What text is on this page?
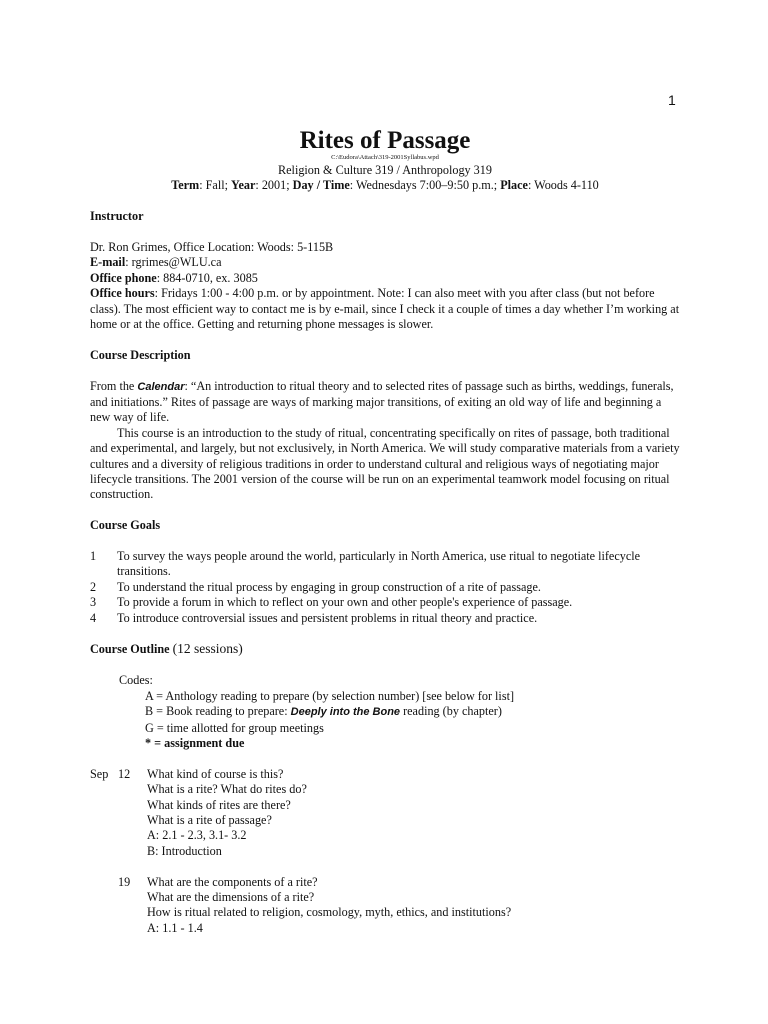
1
Rites of Passage
C:\Eudora\Attach\319-2001Syllabus.wpd
Religion & Culture 319 / Anthropology 319
Term: Fall; Year: 2001; Day / Time: Wednesdays 7:00–9:50 p.m.; Place: Woods 4-110
Instructor
Dr. Ron Grimes, Office Location: Woods: 5-115B
E-mail: rgrimes@WLU.ca
Office phone: 884-0710, ex. 3085
Office hours: Fridays 1:00 - 4:00 p.m. or by appointment. Note: I can also meet with you after class (but not before class). The most efficient way to contact me is by e-mail, since I check it a couple of times a day whether I’m working at home or at the office. Getting and returning phone messages is slower.
Course Description
From the Calendar: “An introduction to ritual theory and to selected rites of passage such as births, weddings, funerals, and initiations.” Rites of passage are ways of marking major transitions, of exiting an old way of life and beginning a new way of life.
This course is an introduction to the study of ritual, concentrating specifically on rites of passage, both traditional and experimental, and largely, but not exclusively, in North America. We will study comparative materials from a variety cultures and a diversity of religious traditions in order to understand cultural and religious ways of negotiating major lifecycle transitions. The 2001 version of the course will be run on an experimental teamwork model focusing on ritual construction.
Course Goals
1	To survey the ways people around the world, particularly in North America, use ritual to negotiate lifecycle transitions.
2	To understand the ritual process by engaging in group construction of a rite of passage.
3	To provide a forum in which to reflect on your own and other people's experience of passage.
4	To introduce controversial issues and persistent problems in ritual theory and practice.
Course Outline (12 sessions)
Codes:
A = Anthology reading to prepare (by selection number) [see below for list]
B = Book reading to prepare: Deeply into the Bone reading (by chapter)
G = time allotted for group meetings
* = assignment due
Sep 12	What kind of course is this?
What is a rite? What do rites do?
What kinds of rites are there?
What is a rite of passage?
A: 2.1 - 2.3, 3.1- 3.2
B: Introduction
19	What are the components of a rite?
What are the dimensions of a rite?
How is ritual related to religion, cosmology, myth, ethics, and institutions?
A: 1.1 - 1.4
